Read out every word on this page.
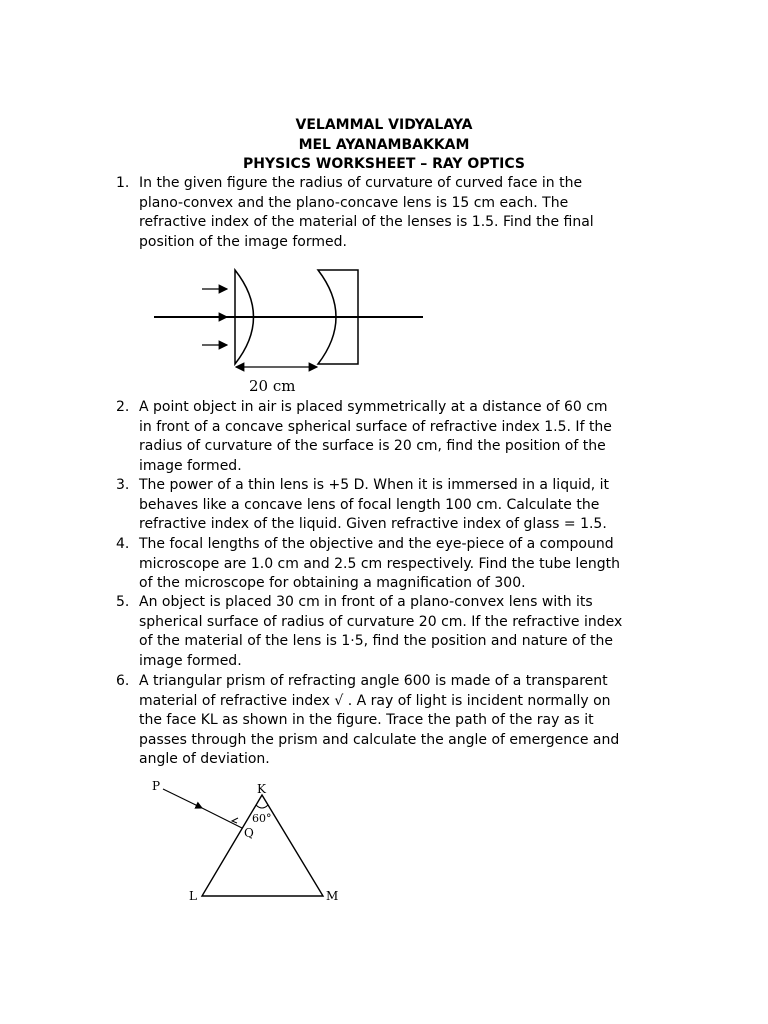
VELAMMAL VIDYALAYA
MEL AYANAMBAKKAM
PHYSICS WORKSHEET – RAY OPTICS
1. In the given figure the radius of curvature of curved face in the
plano-convex and the plano-concave lens is 15 cm each. The
refractive index of the material of the lenses is 1.5. Find the final
position of the image formed.
20 cm
2. A point object in air is placed symmetrically at a distance of 60 cm
in front of a concave spherical surface of refractive index 1.5. If the
radius of curvature of the surface is 20 cm, find the position of the
image formed.
3. The power of a thin lens is +5 D. When it is immersed in a liquid, it
behaves like a concave lens of focal length 100 cm. Calculate the
refractive index of the liquid. Given refractive index of glass = 1.5.
4. The focal lengths of the objective and the eye-piece of a compound
microscope are 1.0 cm and 2.5 cm respectively. Find the tube length
of the microscope for obtaining a magnification of 300.
5. An object is placed 30 cm in front of a plano-convex lens with its
spherical surface of radius of curvature 20 cm. If the refractive index
of the material of the lens is 1·5, find the position and nature of the
image formed.
6. A triangular prism of refracting angle 600 is made of a transparent
material of refractive index √ . A ray of light is incident normally on
the face KL as shown in the figure. Trace the path of the ray as it
passes through the prism and calculate the angle of emergence and
angle of deviation.
P	K
60°
Q
L	M
